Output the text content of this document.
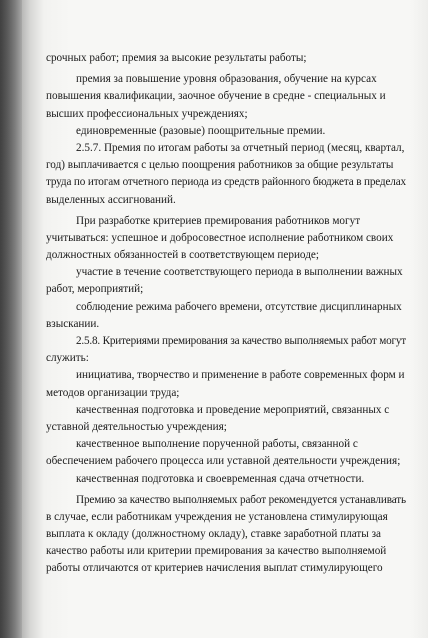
срочных работ; премия за высокие результаты работы;
премия за повышение уровня образования, обучение на курсах
повышения квалификации, заочное обучение в средне - специальных и
высших профессиональных учреждениях;
единовременные (разовые) поощрительные премии.
2.5.7. Премия по итогам работы за отчетный период (месяц, квартал,
год) выплачивается с целью поощрения работников за общие результаты
труда по итогам отчетного периода из средств районного бюджета в пределах
выделенных ассигнований.
При разработке критериев премирования работников могут
учитываться: успешное и добросовестное исполнение работником своих
должностных обязанностей в соответствующем периоде;
участие в течение соответствующего периода в выполнении важных
работ, мероприятий;
соблюдение режима рабочего времени, отсутствие дисциплинарных
взыскании.
2.5.8. Критериями премирования за качество выполняемых работ могут
служить:
инициатива, творчество и применение в работе современных форм и
методов организации труда;
качественная подготовка и проведение мероприятий, связанных с
уставной деятельностью учреждения;
качественное выполнение порученной работы, связанной с
обеспечением рабочего процесса или уставной деятельности учреждения;
качественная подготовка и своевременная сдача отчетности.
Премию за качество выполняемых работ рекомендуется устанавливать
в случае, если работникам учреждения не установлена стимулирующая
выплата к окладу (должностному окладу), ставке заработной платы за
качество работы или критерии премирования за качество выполняемой
работы отличаются от критериев начисления выплат стимулирующего
